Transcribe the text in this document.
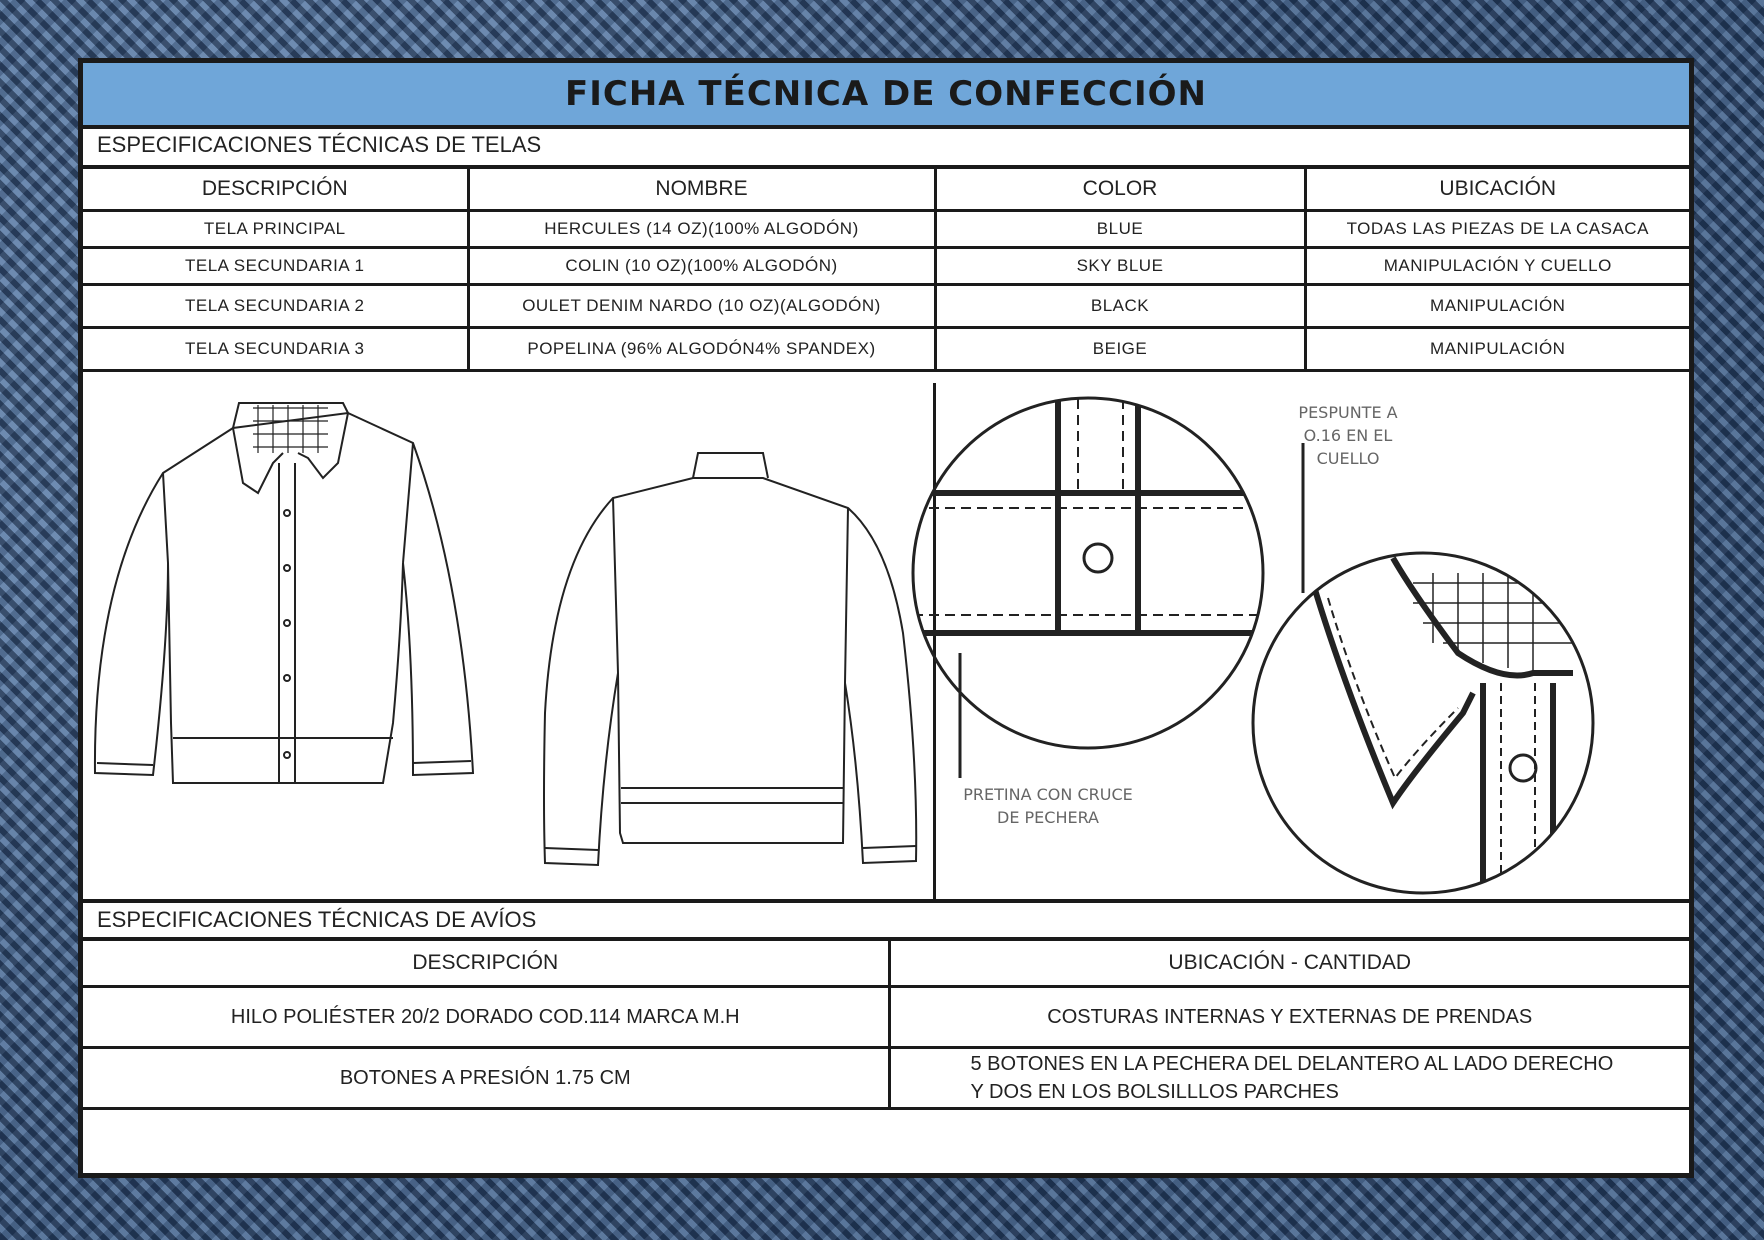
FICHA TÉCNICA DE CONFECCIÓN
ESPECIFICACIONES TÉCNICAS DE TELAS
DESCRIPCIÓN	NOMBRE	COLOR	UBICACIÓN
TELA PRINCIPAL	HERCULES (14 OZ)(100% ALGODÓN)	BLUE	TODAS LAS PIEZAS DE LA CASACA
TELA SECUNDARIA 1	COLIN (10 OZ)(100% ALGODÓN)	SKY BLUE	MANIPULACIÓN Y CUELLO
TELA SECUNDARIA 2	OULET DENIM NARDO (10 OZ)(ALGODÓN)	BLACK	MANIPULACIÓN
TELA SECUNDARIA 3	POPELINA (96% ALGODÓN4% SPANDEX)	BEIGE	MANIPULACIÓN
PESPUNTE A O.16 EN EL CUELLO
PRETINA CON CRUCE DE PECHERA
ESPECIFICACIONES TÉCNICAS DE AVÍOS
DESCRIPCIÓN	UBICACIÓN - CANTIDAD
HILO POLIÉSTER 20/2 DORADO COD.114 MARCA M.H	COSTURAS INTERNAS Y EXTERNAS DE PRENDAS
BOTONES A PRESIÓN 1.75 CM	5 BOTONES EN LA PECHERA DEL DELANTERO AL LADO DERECHO
Y DOS EN LOS BOLSILLLOS PARCHES
